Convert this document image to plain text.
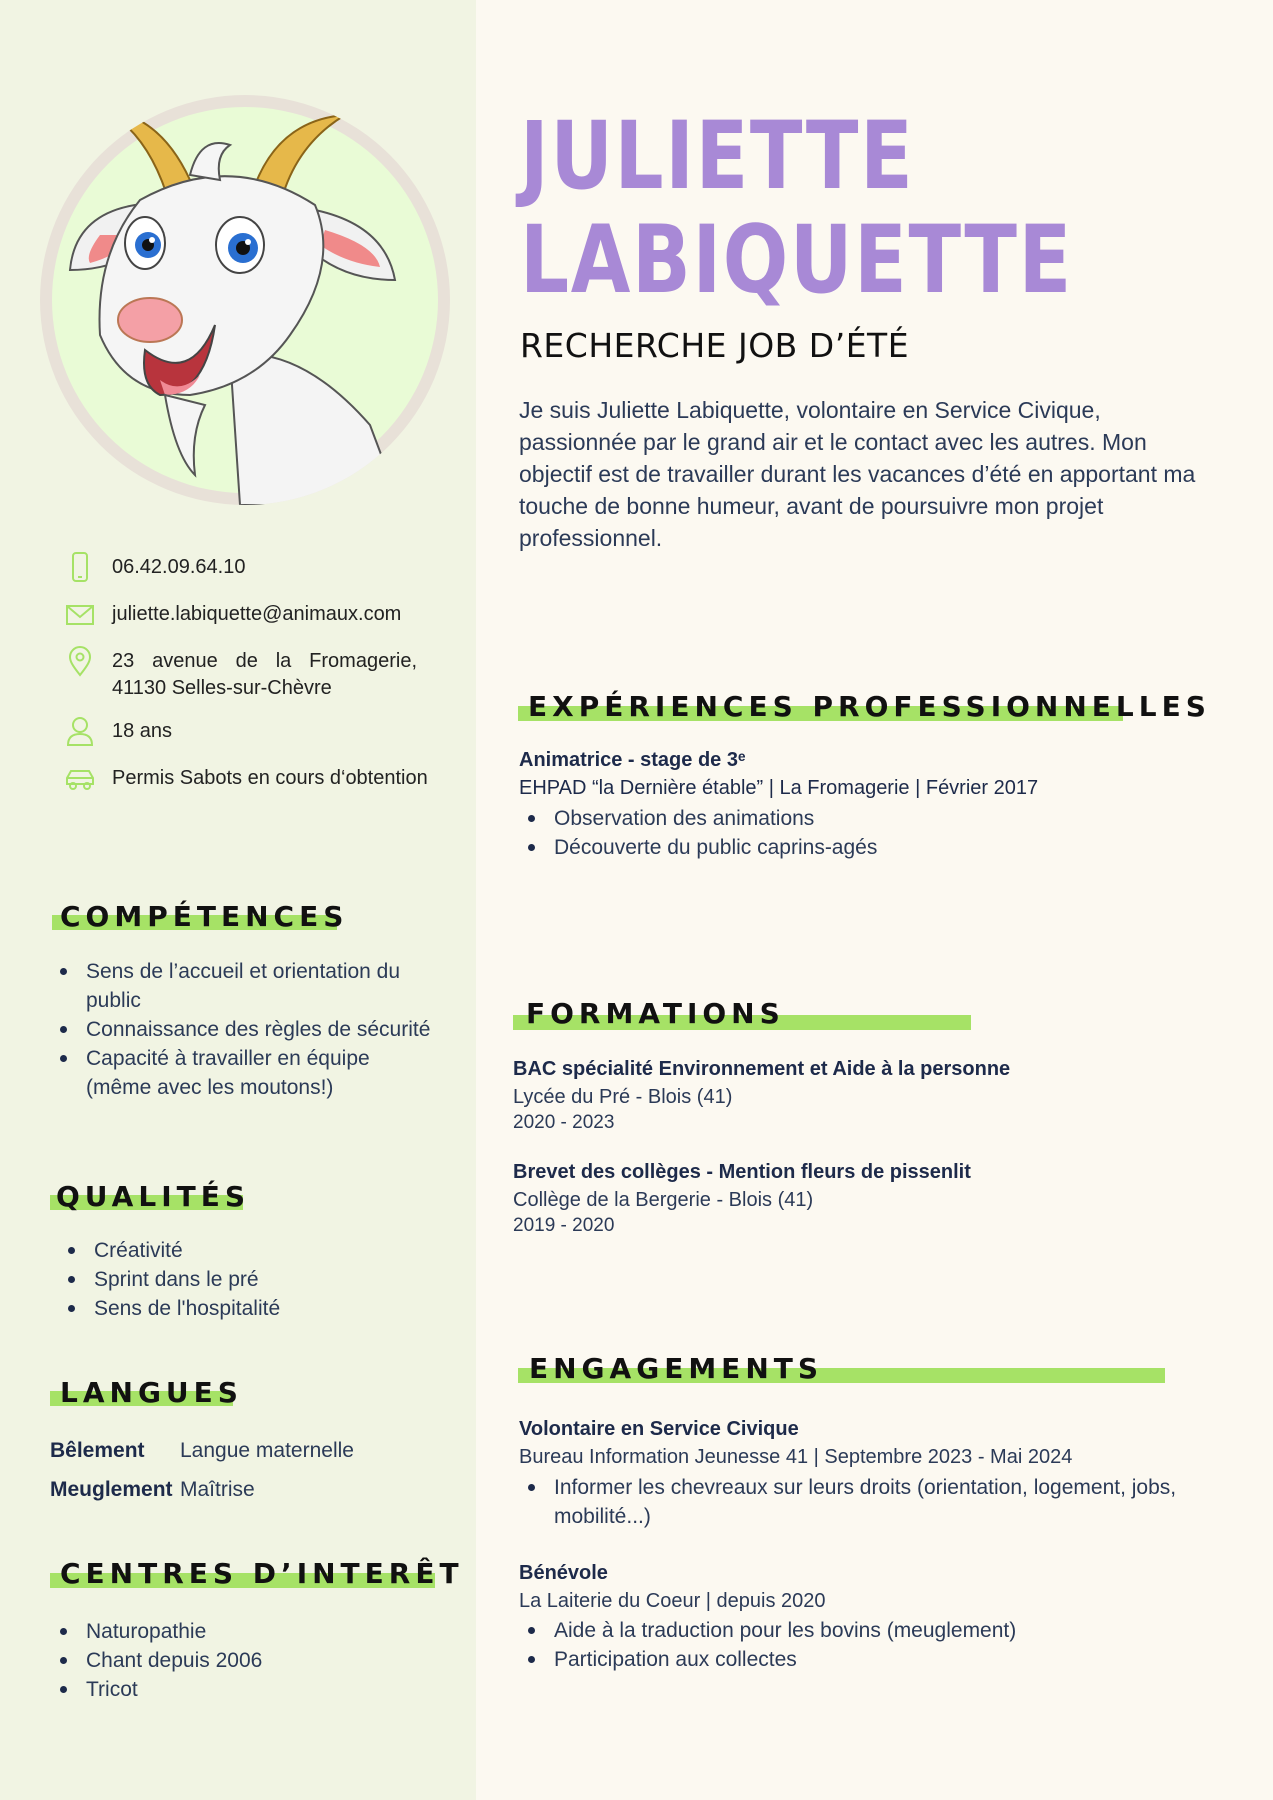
JULIETTE
LABIQUETTE
RECHERCHE JOB D’ÉTÉ

Je suis Juliette Labiquette, volontaire en Service Civique, passionnée par le grand air et le contact avec les autres. Mon objectif est de travailler durant les vacances d’été en apportant ma touche de bonne humeur, avant de poursuivre mon projet professionnel.

06.42.09.64.10
juliette.labiquette@animaux.com
23 avenue de la Fromagerie, 41130 Selles-sur-Chèvre
18 ans
Permis Sabots en cours d‘obtention
COMPÉTENCES
Sens de l’accueil et orientation du public
Connaissance des règles de sécurité
Capacité à travailler en équipe (même avec les moutons!)
QUALITÉS
Créativité
Sprint dans le pré
Sens de l'hospitalité
LANGUES
Bêlement Langue maternelle
Meuglement Maîtrise
CENTRES D’INTERÊT
Naturopathie
Chant depuis 2006
Tricot
EXPÉRIENCES PROFESSIONNELLES
Animatrice - stage de 3ᵉ
EHPAD “la Dernière étable” | La Fromagerie | Février 2017
Observation des animations
Découverte du public caprins-agés
FORMATIONS
BAC spécialité Environnement et Aide à la personne
Lycée du Pré - Blois (41)
2020 - 2023
Brevet des collèges - Mention fleurs de pissenlit
Collège de la Bergerie - Blois (41)
2019 - 2020
ENGAGEMENTS
Volontaire en Service Civique
Bureau Information Jeunesse 41 | Septembre 2023 - Mai 2024
Informer les chevreaux sur leurs droits (orientation, logement, jobs, mobilité...)
Bénévole
La Laiterie du Coeur | depuis 2020
Aide à la traduction pour les bovins (meuglement)
Participation aux collectes
